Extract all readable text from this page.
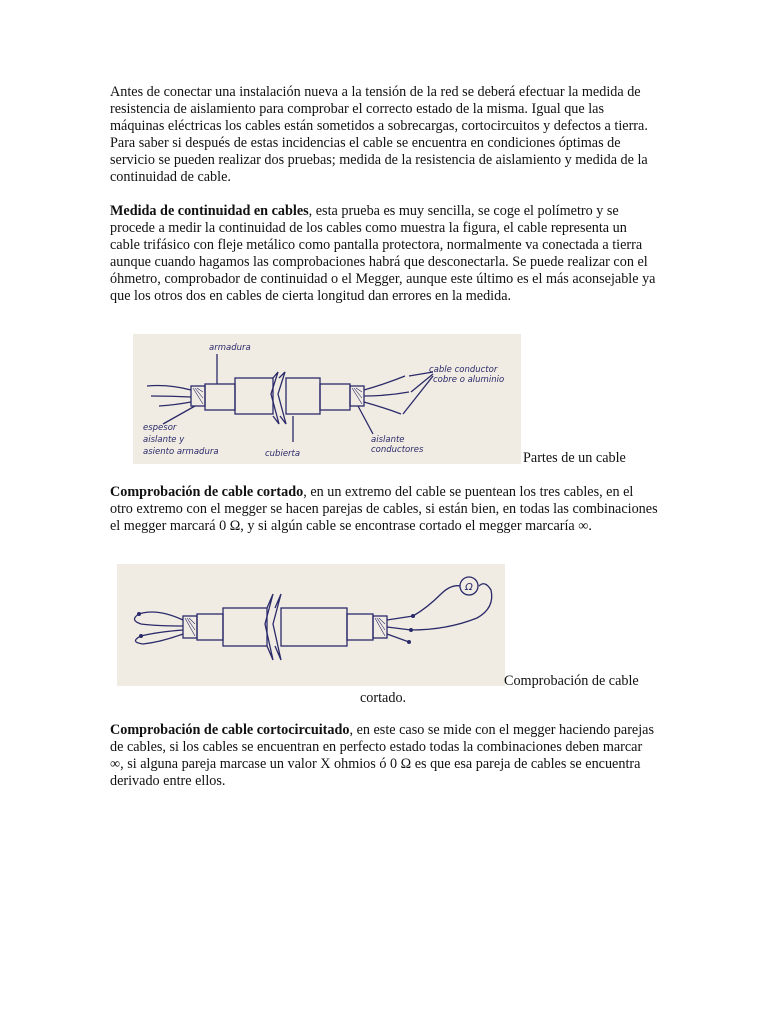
Antes de conectar una instalación nueva a la tensión de la red se deberá efectuar la medida de resistencia de aislamiento para comprobar el correcto estado de la misma. Igual que las máquinas eléctricas los cables están sometidos a sobrecargas, cortocircuitos y defectos a tierra. Para saber si después de estas incidencias el cable se encuentra en condiciones óptimas de servicio se pueden realizar dos pruebas; medida de la resistencia de aislamiento y medida de la continuidad de cable.

Medida de continuidad en cables, esta prueba es muy sencilla, se coge el polímetro y se procede a medir la continuidad de los cables como muestra la figura, el cable representa un cable trifásico con fleje metálico como pantalla protectora, normalmente va conectada a tierra aunque cuando hagamos las comprobaciones habrá que desconectarla. Se puede realizar con el óhmetro, comprobador de continuidad o el Megger, aunque este último es el más aconsejable ya que los otros dos en cables de cierta longitud dan errores en la medida.

armadura
cable conductor
cobre o aluminio
espesor
aislante y
asiento armadura	cubierta
aislante
conductores	Partes de un cable

Comprobación de cable cortado, en un extremo del cable se puentean los tres cables, en el otro extremo con el megger se hacen parejas de cables, si están bien, en todas las combinaciones el megger marcará 0 Ω, y si algún cable se encontrase cortado el megger marcaría ∞.

Ω
Comprobación de cable
cortado.

Comprobación de cable cortocircuitado, en este caso se mide con el megger haciendo parejas de cables, si los cables se encuentran en perfecto estado todas la combinaciones deben marcar ∞, si alguna pareja marcase un valor X ohmios ó 0 Ω es que esa pareja de cables se encuentra derivado entre ellos.
